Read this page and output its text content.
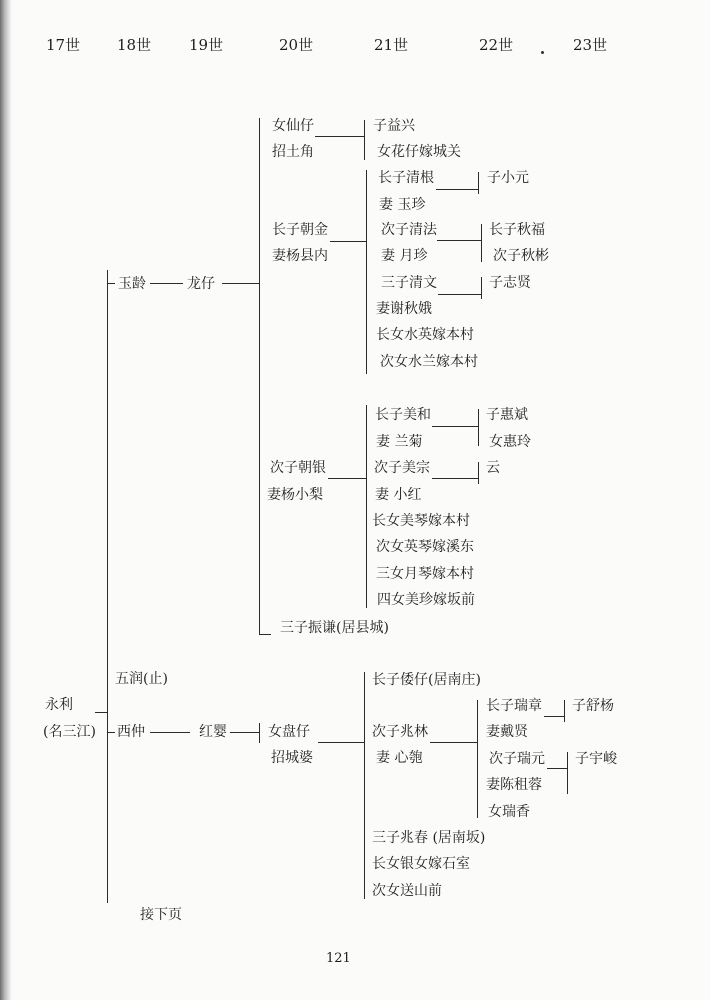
17世 18世	19世	20世	21世	22世	23世
永利
(名三江)
玉龄	龙仔
女仙仔
招土角
子益兴
女花仔嫁城关
长子朝金
妻杨县内
长子清根
妻 玉珍
子小元
次子清法
妻 月珍
长子秋福
次子秋彬
三子清文
妻谢秋娥
子志贤
长女水英嫁本村
次女水兰嫁本村
次子朝银
妻杨小梨
长子美和
妻 兰菊
子惠斌
女惠玲
次子美宗
妻 小红
云
长女美琴嫁本村
次女英琴嫁溪东
三女月琴嫁本村
四女美珍嫁坂前
三子振谦(居县城)
五润(止)
西仲	红婴	女盘仔
招城婆
长子倭仔(居南庄)
次子兆林
妻 心匏
长子瑞章
妻戴贤
子舒杨
次子瑞元
妻陈租蓉
子宇峻
女瑞香
三子兆春 (居南坂)
长女银女嫁石室
次女送山前
接下页
121
